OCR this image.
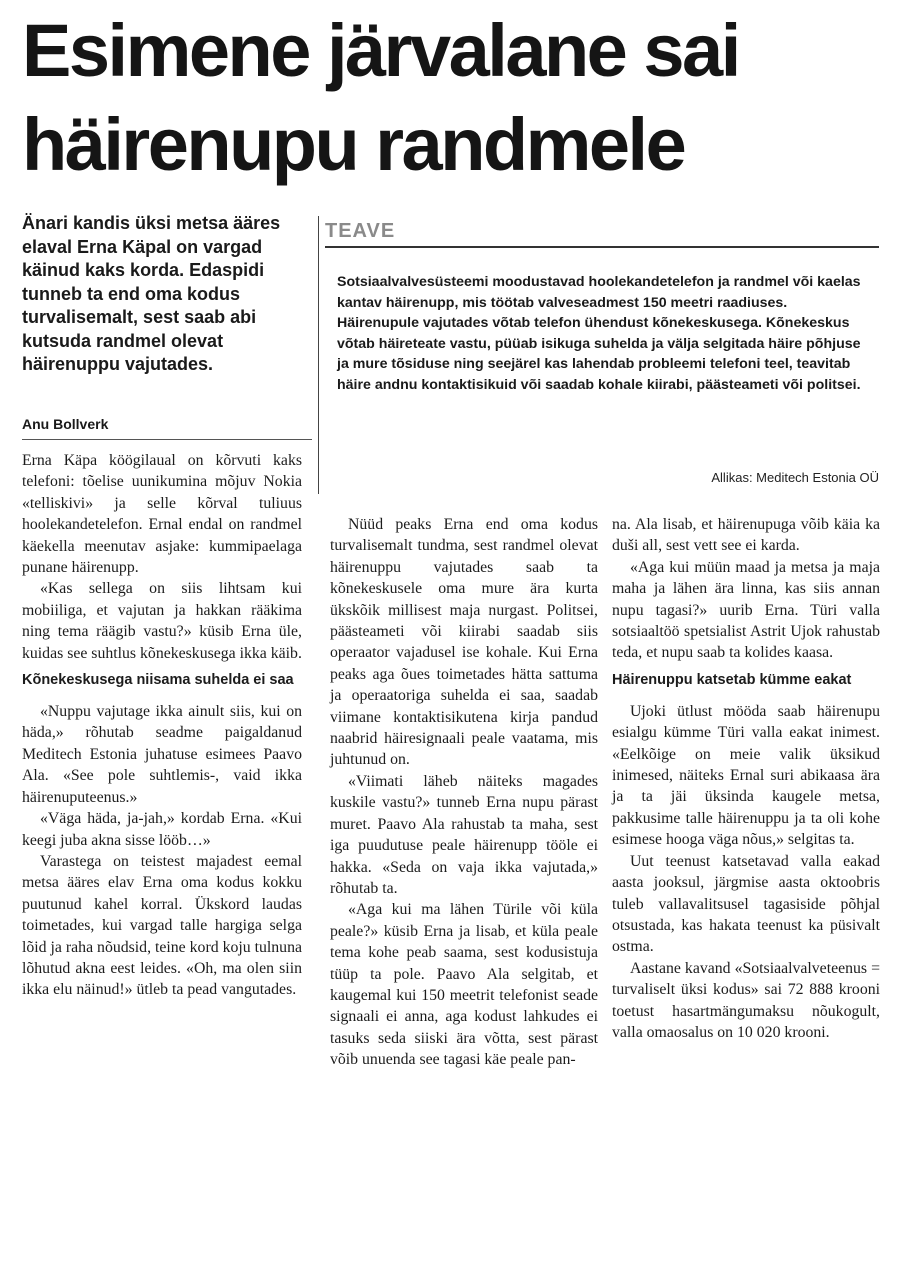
Esimene järvalane sai
häirenupu randmele

Änari kandis üksi metsa ääres elaval Erna Käpal on vargad käinud kaks korda. Edaspidi tunneb ta end oma kodus turvalisemalt, sest saab abi kutsuda randmel olevat häirenuppu vajutades.

Anu Bollverk
TEAVE

Sotsiaalvalvesüsteemi moodustavad hoolekandetelefon ja randmel või kaelas kantav häirenupp, mis töötab valveseadmest 150 meetri raadiuses.

Häirenupule vajutades võtab telefon ühendust kõnekeskusega. Kõnekeskus võtab häireteate vastu, püüab isikuga suhelda ja välja selgitada häire põhjuse ja mure tõsiduse ning seejärel kas lahendab probleemi telefoni teel, teavitab häire andnu kontaktisikuid või saadab kohale kiirabi, päästeameti või politsei.

Allikas: Meditech Estonia OÜ

Erna Käpa köögilaual on kõrvuti kaks telefoni: tõelise uunikumina mõjuv Nokia «telliskivi» ja selle kõrval tuliuus hoolekandetelefon. Ernal endal on randmel käekella meenutav asjake: kummipaelaga punane häirenupp.

«Kas sellega on siis lihtsam kui mobiiliga, et vajutan ja hakkan rääkima ning tema räägib vastu?» küsib Erna üle, kuidas see suhtlus kõnekeskusega ikka käib.

Kõnekeskusega niisama suhelda ei saa

«Nuppu vajutage ikka ainult siis, kui on häda,» rõhutab seadme paigaldanud Meditech Estonia juhatuse esimees Paavo Ala. «See pole suhtlemis-, vaid ikka häirenuputeenus.»

«Väga häda, ja-jah,» kordab Erna. «Kui keegi juba akna sisse lööb…»

Varastega on teistest majadest eemal metsa ääres elav Erna oma kodus kokku puutunud kahel korral. Ükskord laudas toimetades, kui vargad talle hargiga selga lõid ja raha nõudsid, teine kord koju tulnuna lõhutud akna eest leides. «Oh, ma olen siin ikka elu näinud!» ütleb ta pead vangutades.

Nüüd peaks Erna end oma kodus turvalisemalt tundma, sest randmel olevat häirenuppu vajutades saab ta kõnekeskusele oma mure ära kurta ükskõik millisest maja nurgast. Politsei, päästeameti või kiirabi saadab siis operaator vajadusel ise kohale. Kui Erna peaks aga õues toimetades hätta sattuma ja operaatoriga suhelda ei saa, saadab viimane kontaktisikutena kirja pandud naabrid häiresignaali peale vaatama, mis juhtunud on.

«Viimati läheb näiteks magades kuskile vastu?» tunneb Erna nupu pärast muret. Paavo Ala rahustab ta maha, sest iga puudutuse peale häirenupp tööle ei hakka. «Seda on vaja ikka vajutada,» rõhutab ta.

«Aga kui ma lähen Türile või küla peale?» küsib Erna ja lisab, et küla peale tema kohe peab saama, sest kodusistuja tüüp ta pole. Paavo Ala selgitab, et kaugemal kui 150 meetrit telefonist seade signaali ei anna, aga kodust lahkudes ei tasuks seda siiski ära võtta, sest pärast võib unuenda see tagasi käe peale pan-

na. Ala lisab, et häirenupuga võib käia ka duši all, sest vett see ei karda.

«Aga kui müün maad ja metsa ja maja maha ja lähen ära linna, kas siis annan nupu tagasi?» uurib Erna. Türi valla sotsiaaltöö spetsialist Astrit Ujok rahustab teda, et nupu saab ta kolides kaasa.

Häirenuppu katsetab kümme eakat

Ujoki ütlust mööda saab häirenupu esialgu kümme Türi valla eakat inimest. «Eelkõige on meie valik üksikud inimesed, näiteks Ernal suri abikaasa ära ja ta jäi üksinda kaugele metsa, pakkusime talle häirenuppu ja ta oli kohe esimese hooga väga nõus,» selgitas ta.

Uut teenust katsetavad valla eakad aasta jooksul, järgmise aasta oktoobris tuleb vallavalitsusel tagasiside põhjal otsustada, kas hakata teenust ka püsivalt ostma.

Aastane kavand «Sotsiaalvalveteenus = turvaliselt üksi kodus» sai 72 888 krooni toetust hasartmängumaksu nõukogult, valla omaosalus on 10 020 krooni.
